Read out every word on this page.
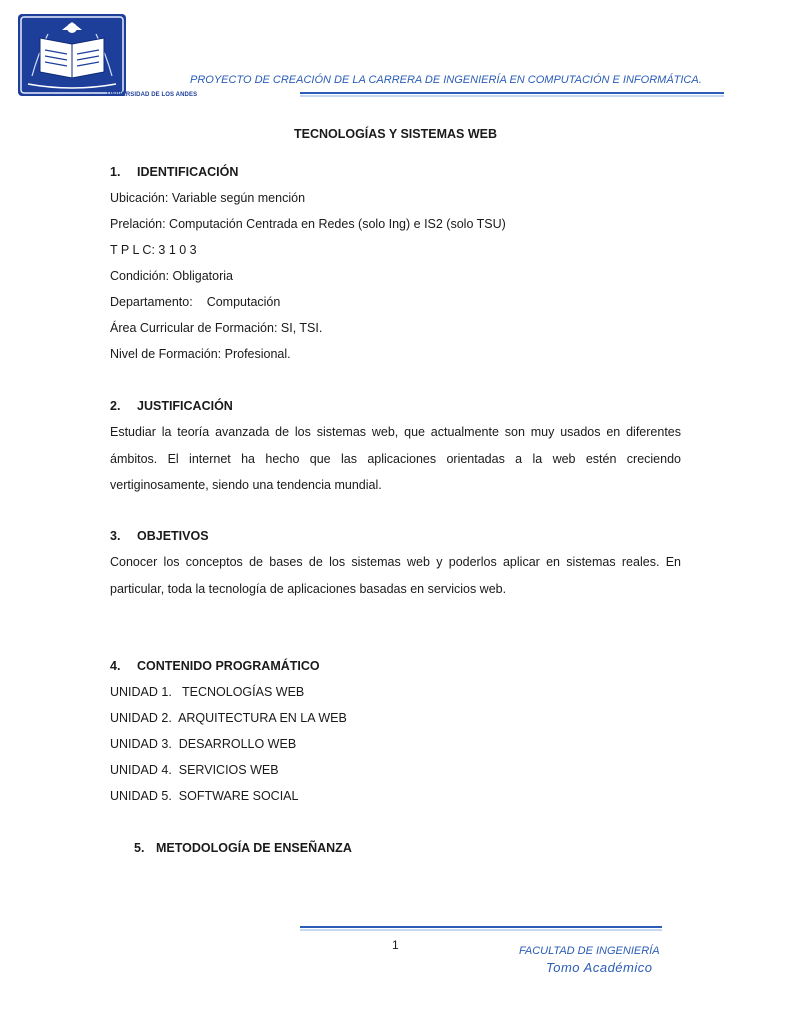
UNIVERSIDAD DE LOS ANDES
PROYECTO DE CREACIÓN DE LA CARRERA DE INGENIERÍA EN COMPUTACIÓN E INFORMÁTICA.
TECNOLOGÍAS Y SISTEMAS WEB
1. IDENTIFICACIÓN
Ubicación: Variable según mención
Prelación: Computación Centrada en Redes (solo Ing) e IS2 (solo TSU)
T P L C: 3 1 0 3
Condición: Obligatoria
Departamento: Computación
Área Curricular de Formación: SI, TSI.
Nivel de Formación: Profesional.
2. JUSTIFICACIÓN
Estudiar la teoría avanzada de los sistemas web, que actualmente son muy usados en diferentes ámbitos. El internet ha hecho que las aplicaciones orientadas a la web estén creciendo vertiginosamente, siendo una tendencia mundial.
3. OBJETIVOS
Conocer los conceptos de bases de los sistemas web y poderlos aplicar en sistemas reales. En particular, toda la tecnología de aplicaciones basadas en servicios web.
4. CONTENIDO PROGRAMÁTICO
UNIDAD 1.   TECNOLOGÍAS WEB
UNIDAD 2.  ARQUITECTURA EN LA WEB
UNIDAD 3.  DESARROLLO WEB
UNIDAD 4.  SERVICIOS WEB
UNIDAD 5.  SOFTWARE SOCIAL
5. METODOLOGÍA DE ENSEÑANZA
1	FACULTAD DE INGENIERÍA
Tomo Académico
